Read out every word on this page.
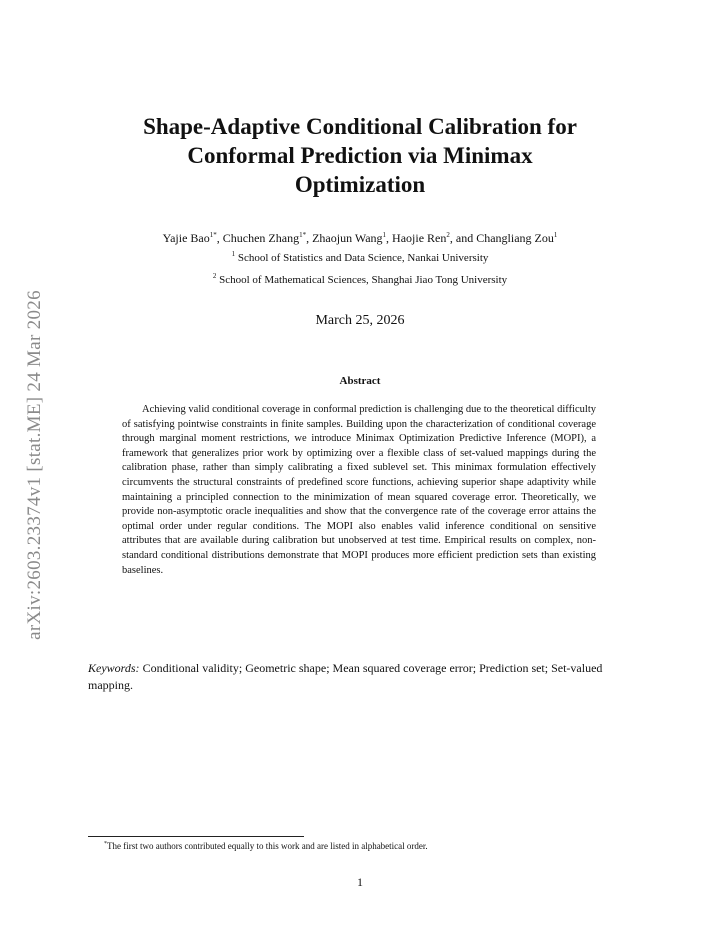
arXiv:2603.23374v1 [stat.ME] 24 Mar 2026
Shape-Adaptive Conditional Calibration for
Conformal Prediction via Minimax
Optimization
Yajie Bao$^{1*}$, Chuchen Zhang$^{1*}$, Zhaojun Wang$^1$, Haojie Ren$^2$, and Changliang Zou$^1$
$^1$ School of Statistics and Data Science, Nankai University
$^2$ School of Mathematical Sciences, Shanghai Jiao Tong University
March 25, 2026
Abstract

Achieving valid conditional coverage in conformal prediction is challenging due to the theoretical difficulty of satisfying pointwise constraints in finite samples. Building upon the characterization of conditional coverage through marginal moment restrictions, we introduce Minimax Optimization Predictive Inference (MOPI), a framework that generalizes prior work by optimizing over a flexible class of set-valued mappings during the calibration phase, rather than simply calibrating a fixed sublevel set. This minimax formulation effectively circumvents the structural constraints of predefined score functions, achieving superior shape adaptivity while maintaining a principled connection to the minimization of mean squared coverage error. Theoretically, we provide non-asymptotic oracle inequalities and show that the convergence rate of the coverage error attains the optimal order under regular conditions. The MOPI also enables valid inference conditional on sensitive attributes that are available during calibration but unobserved at test time. Empirical results on complex, non-standard conditional distributions demonstrate that MOPI produces more efficient prediction sets than existing baselines.

Keywords: Conditional validity; Geometric shape; Mean squared coverage error; Prediction set; Set-valued mapping.

*The first two authors contributed equally to this work and are listed in alphabetical order.
1
